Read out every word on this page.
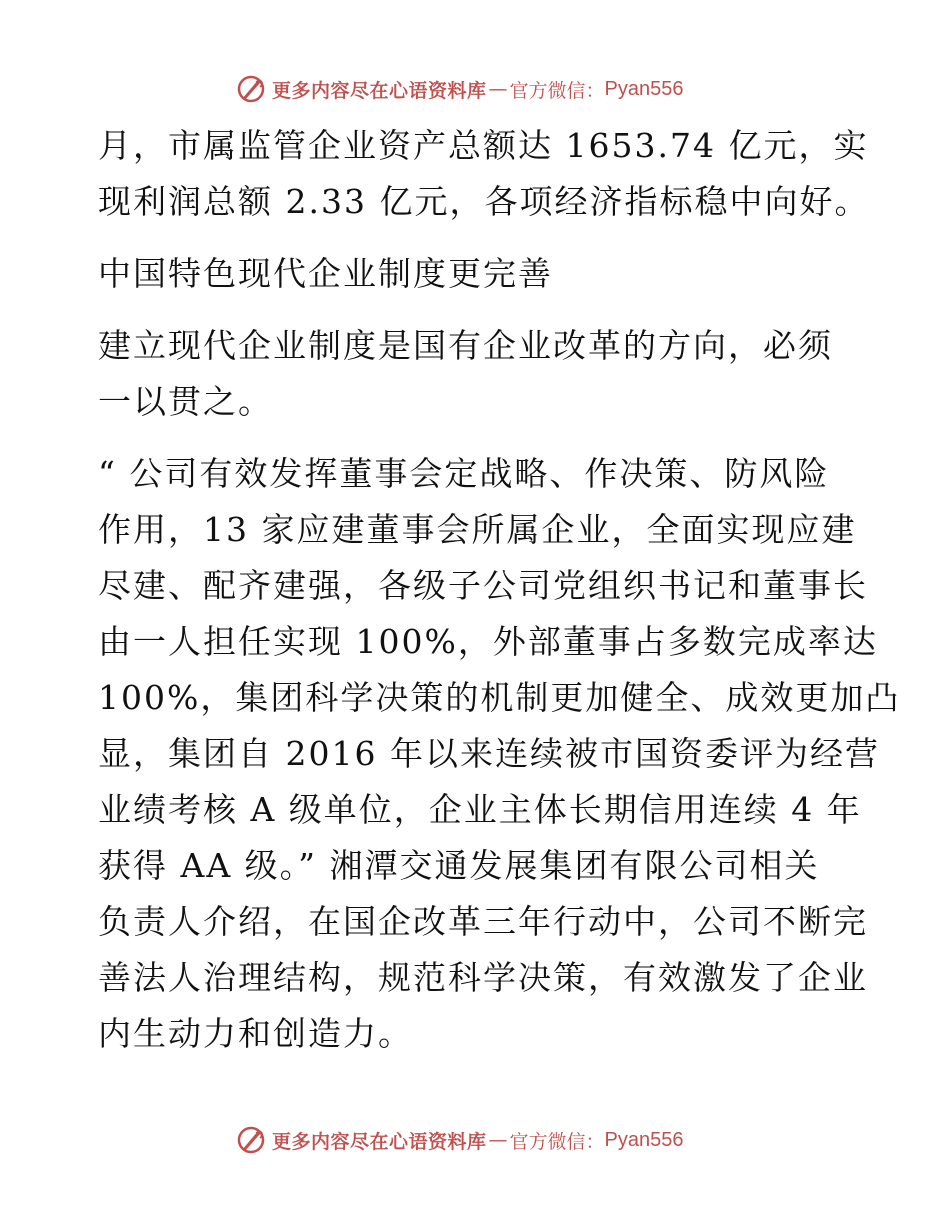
更多内容尽在心语资料库 — 官方微信： Pyan556
月，市属监管企业资产总额达 1653.74 亿元，实
现利润总额 2.33 亿元，各项经济指标稳中向好。
中国特色现代企业制度更完善
建立现代企业制度是国有企业改革的方向，必须
一以贯之。
“ 公司有效发挥董事会定战略、作决策、防风险
作用，13 家应建董事会所属企业，全面实现应建
尽建、配齐建强，各级子公司党组织书记和董事长
由一人担任实现 100%，外部董事占多数完成率达
100%，集团科学决策的机制更加健全、成效更加凸
显，集团自 2016 年以来连续被市国资委评为经营
业绩考核 A 级单位，企业主体长期信用连续 4 年
获得 AA 级。” 湘潭交通发展集团有限公司相关
负责人介绍，在国企改革三年行动中，公司不断完
善法人治理结构，规范科学决策，有效激发了企业
内生动力和创造力。
更多内容尽在心语资料库 — 官方微信： Pyan556
